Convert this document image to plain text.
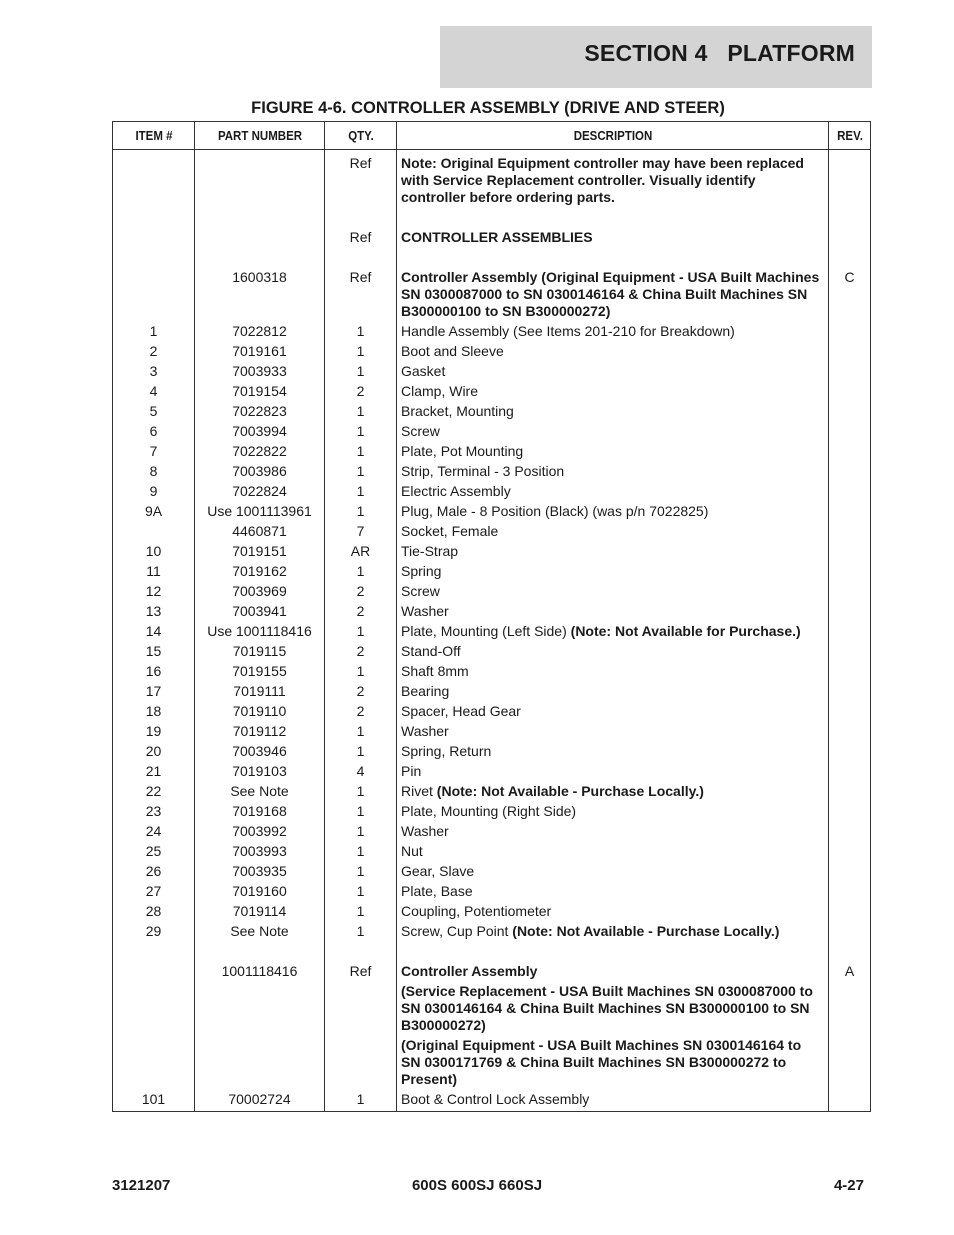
SECTION 4   PLATFORM
FIGURE 4-6. CONTROLLER ASSEMBLY (DRIVE AND STEER)
ITEM #	PART NUMBER	QTY.	DESCRIPTION	REV.
		Ref	Note: Original Equipment controller may have been replaced with Service Replacement controller. Visually identify controller before ordering parts.	
		Ref	CONTROLLER ASSEMBLIES	
	1600318	Ref	Controller Assembly (Original Equipment - USA Built Machines SN 0300087000 to SN 0300146164 & China Built Machines SN B300000100 to SN B300000272)	C
1	7022812	1	Handle Assembly (See Items 201-210 for Breakdown)	
2	7019161	1	Boot and Sleeve	
3	7003933	1	Gasket	
4	7019154	2	Clamp, Wire	
5	7022823	1	Bracket, Mounting	
6	7003994	1	Screw	
7	7022822	1	Plate, Pot Mounting	
8	7003986	1	Strip, Terminal - 3 Position	
9	7022824	1	Electric Assembly	
9A	Use 1001113961	1	Plug, Male - 8 Position (Black) (was p/n 7022825)	
	4460871	7	Socket, Female	
10	7019151	AR	Tie-Strap	
11	7019162	1	Spring	
12	7003969	2	Screw	
13	7003941	2	Washer	
14	Use 1001118416	1	Plate, Mounting (Left Side) (Note: Not Available for Purchase.)	
15	7019115	2	Stand-Off	
16	7019155	1	Shaft 8mm	
17	7019111	2	Bearing	
18	7019110	2	Spacer, Head Gear	
19	7019112	1	Washer	
20	7003946	1	Spring, Return	
21	7019103	4	Pin	
22	See Note	1	Rivet (Note: Not Available - Purchase Locally.)	
23	7019168	1	Plate, Mounting (Right Side)	
24	7003992	1	Washer	
25	7003993	1	Nut	
26	7003935	1	Gear, Slave	
27	7019160	1	Plate, Base	
28	7019114	1	Coupling, Potentiometer	
29	See Note	1	Screw, Cup Point (Note: Not Available - Purchase Locally.)	
	1001118416	Ref	Controller Assembly	A
			(Service Replacement - USA Built Machines SN 0300087000 to SN 0300146164 & China Built Machines SN B300000100 to SN B300000272)	
			(Original Equipment - USA Built Machines SN 0300146164 to SN 0300171769 & China Built Machines SN B300000272 to Present)	
101	70002724	1	Boot & Control Lock Assembly	
3121207	600S 600SJ 660SJ	4-27
